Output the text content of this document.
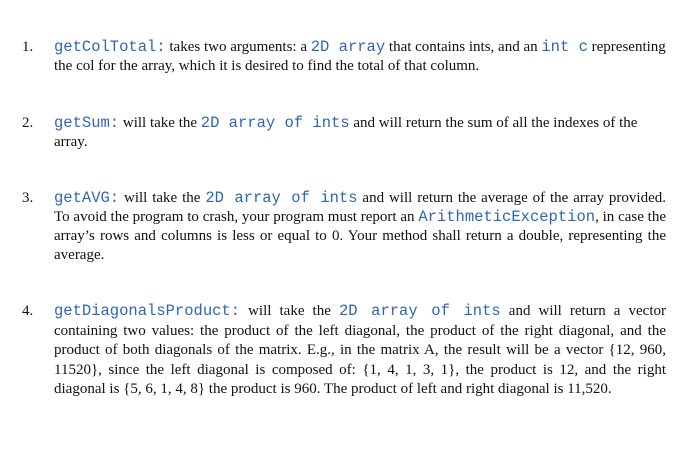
1.	getColTotal: takes two arguments: a 2D array that contains ints, and an int c representing the col for the array, which it is desired to find the total of that column.
2.	getSum: will take the 2D array of ints and will return the sum of all the indexes of the array.
3.	getAVG: will take the 2D array of ints and will return the average of the array provided. To avoid the program to crash, your program must report an ArithmeticException, in case the array’s rows and columns is less or equal to 0. Your method shall return a double, representing the average.
4.	getDiagonalsProduct: will take the 2D array of ints and will return a vector containing two values: the product of the left diagonal, the product of the right diagonal, and the product of both diagonals of the matrix. E.g., in the matrix A, the result will be a vector {12, 960, 11520}, since the left diagonal is composed of: {1, 4, 1, 3, 1}, the product is 12, and the right diagonal is {5, 6, 1, 4, 8} the product is 960. The product of left and right diagonal is 11,520.
